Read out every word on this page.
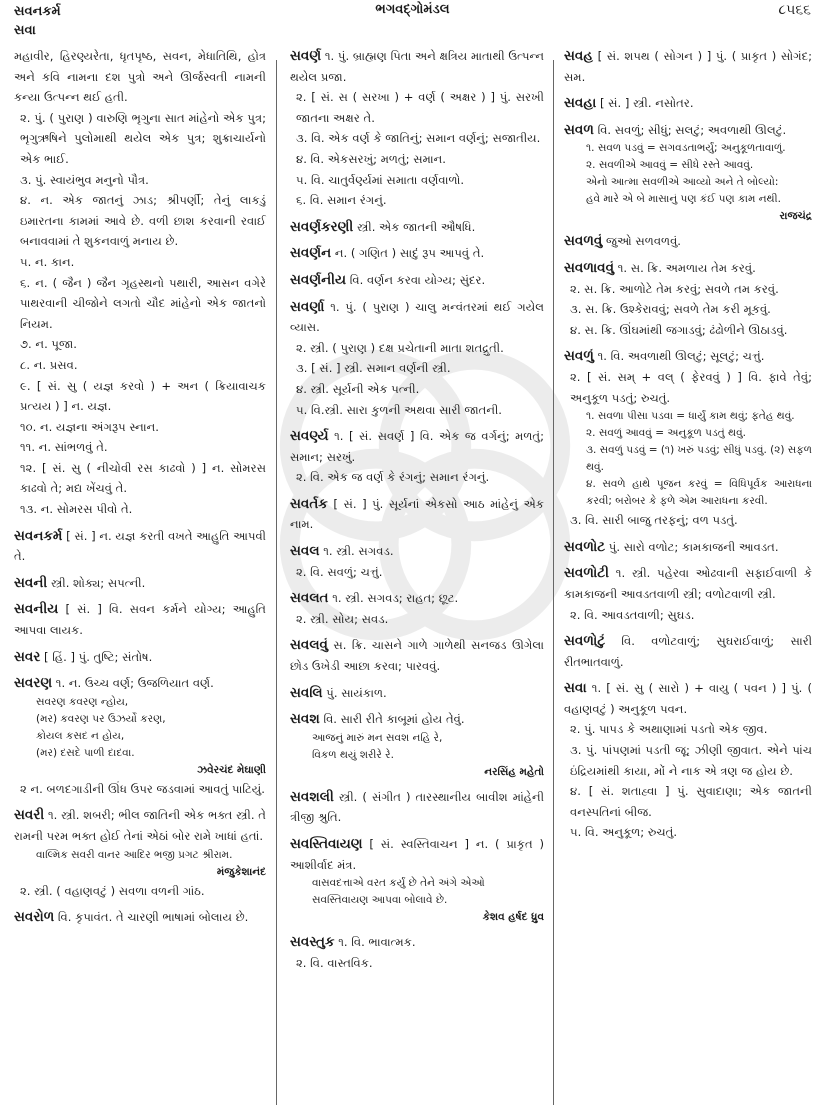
સવનકર્મ
સવા
ભગવદ્ગોમંડલ	૮૫૬૬
મહાવીર, હિરણ્યરેતા, ધૃતપૃષ્ઠ, સવન, મેધાતિથિ, હોત્ર અને કવિ નામના દશ પુત્રો અને ઊર્જસ્વતી નામની કન્યા ઉત્પન્ન થઈ હતી.
૨. પું. ( પુરાણ ) વારુણિ ભૃગુના સાત માંહેનો એક પુત્ર; ભૃગુઋષિને પુલોમાથી થયેલ એક પુત્ર; શુક્રાચાર્યનો એક ભાઈ.
૩. પું. સ્વાયંભુવ મનુનો પૌત્ર.
૪. ન. એક જાતનું ઝાડ; શ્રીપર્ણી; તેનું લાકડું ઇમારતના કામમાં આવે છે. વળી છાશ કરવાની રવાઈ બનાવવામાં તે શુકનવાળું મનાય છે.
૫. ન. કાન.
૬. ન. ( જૈન ) જૈન ગૃહસ્થનો પથારી, આસન વગેરે પાથરવાની ચીજોને લગતો ચૌદ માંહેનો એક જાતનો નિયમ.
૭. ન. પૂજા.
૮. ન. પ્રસવ.
૯. [ સં. સુ ( યજ્ઞ કરવો ) + અન ( ક્રિયાવાચક પ્રત્યય ) ] ન. યજ્ઞ.
૧૦. ન. યજ્ઞના અંગરૂપ સ્નાન.
૧૧. ન. સાંભળવું તે.
૧૨. [ સં. સુ ( નીચોવી રસ કાઢવો ) ] ન. સોમરસ કાઢવો તે; મદ્ય ખેંચવું તે.
૧૩. ન. સોમરસ પીવો તે.
સવનકર્મ [ સં. ] ન. યજ્ઞ કરતી વખતે આહુતિ આપવી તે.
સવની સ્ત્રી. શોક્ય; સપત્ની.
સવનીય [ સં. ] વિ. સવન કર્મને યોગ્ય; આહુતિ આપવા લાયક.
સવર [ હિં. ] પું. તુષ્ટિ; સંતોષ.
સવરણ ૧. ન. ઉચ્ચ વર્ણ; ઉજળિયાત વર્ણ.
સવરણ કવરણ ન્હોય,
(મર) કવરણ પર ઉઝર્યો કરણ,
કોયલ કસદ ન હોય,
(મર) દસદે પાળી દાદવા.
ઝવેરચંદ મેઘાણી
૨ ન. બળદગાડીની ઊંધ ઉપર જડવામાં આવતું પાટિયું.
સવરી ૧. સ્ત્રી. શબરી; ભીલ જાતિની એક ભક્ત સ્ત્રી. તે રામની પરમ ભક્ત હોઈ તેનાં એઠાં બોર રામે ખાધાં હતાં.
વાલ્મિક સવરી વાનર આદિર ભજી પ્રગટ શ્રીરામ.
મંજુકેશાનંદ
૨. સ્ત્રી. ( વહાણવટું ) સવળા વળની ગાંઠ.
સવરોળ વિ. કૃપાવંત. તે ચારણી ભાષામાં બોલાય છે.
સવર્ણ ૧. પું. બ્રાહ્મણ પિતા અને ક્ષત્રિય માતાથી ઉત્પન્ન થયેલ પ્રજા.
૨. [ સં. સ ( સરખા ) + વર્ણ ( અક્ષર ) ] પું. સરખી જાતના અક્ષર તે.
૩. વિ. એક વર્ણ કે જાતિનું; સમાન વર્ણનું; સજાતીય.
૪. વિ. એકસરખું; મળતું; સમાન.
૫. વિ. ચાતુર્વર્ણ્યમાં સમાતા વર્ણવાળો.
૬. વિ. સમાન રંગનું.
સવર્ણકરણી સ્ત્રી. એક જાતની ઔષધિ.
સવર્ણન ન. ( ગણિત ) સાદું રૂપ આપવું તે.
સવર્ણનીય વિ. વર્ણન કરવા યોગ્ય; સુંદર.
સવર્ણા ૧. પું. ( પુરાણ ) ચાલુ મન્વંતરમાં થઈ ગયેલ વ્યાસ.
૨. સ્ત્રી. ( પુરાણ ) દક્ષ પ્રચેતાની માતા શતદ્રુતી.
૩. [ સં. ] સ્ત્રી. સમાન વર્ણની સ્ત્રી.
૪. સ્ત્રી. સૂર્યની એક પત્ની.
૫. વિ.સ્ત્રી. સારા કુળની અથવા સારી જાતની.
સવર્ણ્ય ૧. [ સં. સવર્ણ ] વિ. એક જ વર્ગનું; મળતું; સમાન; સરખું.
૨. વિ. એક જ વર્ણ કે રંગનું; સમાન રંગનું.
સવર્તક [ સં. ] પું. સૂર્યનાં એકસો આઠ માંહેનું એક નામ.
સવલ ૧. સ્ત્રી. સગવડ.
૨. વિ. સવળું; ચત્તું.
સવલત ૧. સ્ત્રી. સગવડ; રાહત; છૂટ.
૨. સ્ત્રી. સોય; સવડ.
સવલવું સ. ક્રિ. ચાસને ગાળે ગાળેથી સનજડ ઊગેલા છોડ ઉખેડી આછા કરવા; પારવવું.
સવલિ પું. સાયંકાળ.
સવશ વિ. સારી રીતે કાબૂમાં હોય તેવું.
આજનું મારું મન સવશ નહિ રે,
વિકળ થયું શરીરે રે.
નરસિંહ મહેતો
સવશલી સ્ત્રી. ( સંગીત ) તારસ્થાનીય બાવીશ માંહેની ત્રીજી શ્રુતિ.
સવસ્તિવાયણ [ સં. સ્વસ્તિવાચન ] ન. ( પ્રાકૃત ) આશીર્વાદ મંત્ર.
વાસવદત્તાએ વરત કર્યું છે તેને અંગે એઓ
સવસ્તિવાયણ આપવા બોલાવે છે.
કેશવ હર્ષદ ધ્રુવ
સવસ્તુક ૧. વિ. ભાવાત્મક.
૨. વિ. વાસ્તવિક.
સવહ [ સં. શપથ ( સોગન ) ] પું. ( પ્રાકૃત ) સોગંદ; સમ.
સવહા [ સં. ] સ્ત્રી. નસોતર.
સવળ વિ. સવળું; સીધું; સલટું; અવળાથી ઊલટું.
૧. સવળ પડવું = સગવડતાભર્યું; અનુકૂળતાવાળું.
૨. સવળીએ આવવું = સીધે રસ્તે આવવું.
એનો આત્મા સવળીએ આવ્યો અને તે બોલ્યો:
હવે મારે એ બે માસાનું પણ કંઈ પણ કામ નથી.
રાજચંદ્ર
સવળવું જુઓ સળવળવું.
સવળાવવું ૧. સ. ક્રિ. અમળાય તેમ કરવું.
૨. સ. ક્રિ. આળોટે તેમ કરવું; સવળે તમ કરવું.
૩. સ. ક્રિ. ઉશ્કેરાવવું; સવળે તેમ કરી મૂકવું.
૪. સ. ક્રિ. ઊંઘમાંથી જગાડવું; ઢંઢોળીને ઊઠાડવું.
સવળું ૧. વિ. અવળાથી ઊલટું; સૂલટું; ચત્તું.
૨. [ સં. સમ્ + વલ્ ( ફેરવવું ) ] વિ. ફાવે તેવું; અનુકૂળ પડતું; રુચતું.
૧. સવળા પીસા પડવા = ધાર્યું કામ થવું; ફતેહ થવું.
૨. સવળું આવવું = અનુકૂળ પડતું થવું.
૩. સવળું પડવું = (૧) ખરું પડવું; સીધું પડવું. (૨) સફળ થવું.
૪. સવળે હાથે પૂજન કરવું = વિધિપૂર્વક આરાધના કરવી; બરોબર કે ફળે એમ આરાધના કરવી.
૩. વિ. સારી બાજુ તરફનું; વળ પડતું.
સવળોટ પું. સારો વળોટ; કામકાજની આવડત.
સવળોટી ૧. સ્ત્રી. પહેરવા ઓઢવાની સફાઈવાળી કે કામકાજની આવડતવાળી સ્ત્રી; વળોટવાળી સ્ત્રી.
૨. વિ. આવડતવાળી; સુઘડ.
સવળોટું વિ. વળોટવાળું; સુઘરાઈવાળું; સારી રીતભાતવાળું.
સવા ૧. [ સં. સુ ( સારો ) + વાયુ ( પવન ) ] પું. ( વહાણવટું ) અનુકૂળ પવન.
૨. પું. પાપડ કે અથાણામાં પડતો એક જીવ.
૩. પું. પાંપણમાં પડતી જૂ; ઝીણી જીવાત. એને પાંચ ઇંદ્રિયમાંથી કાયા, મોં ને નાક એ ત્રણ જ હોય છે.
૪. [ સં. શતાહ્વા ] પું. સુવાદાણા; એક જાતની વનસ્પતિનાં બીજ.
૫. વિ. અનુકૂળ; રુચતું.
